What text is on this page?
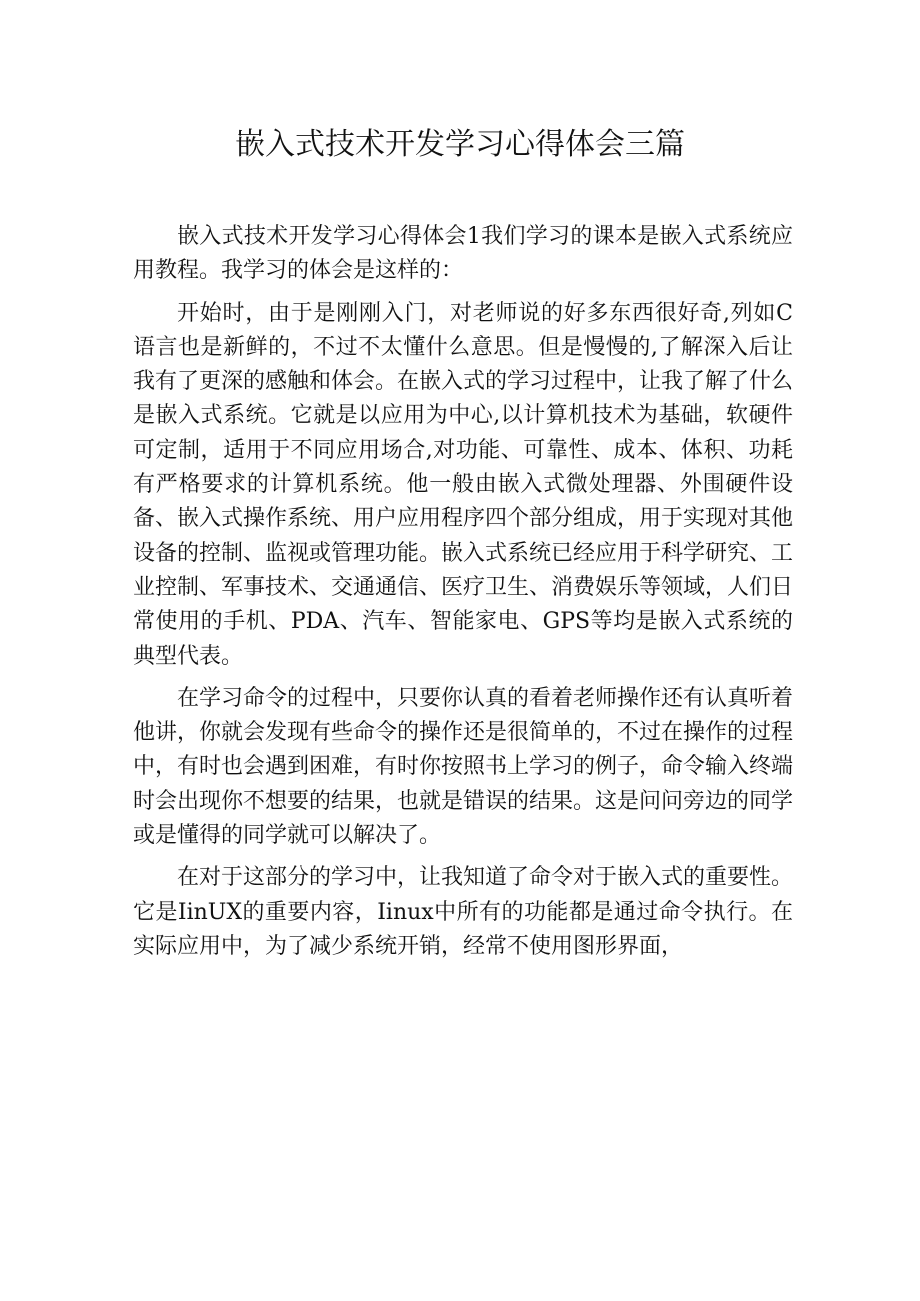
嵌入式技术开发学习心得体会三篇

嵌入式技术开发学习心得体会1我们学习的课本是嵌入式系统应用教程。我学习的体会是这样的：

开始时，由于是刚刚入门，对老师说的好多东西很好奇,列如C语言也是新鲜的，不过不太懂什么意思。但是慢慢的,了解深入后让我有了更深的感触和体会。在嵌入式的学习过程中，让我了解了什么是嵌入式系统。它就是以应用为中心,以计算机技术为基础，软硬件可定制，适用于不同应用场合,对功能、可靠性、成本、体积、功耗有严格要求的计算机系统。他一般由嵌入式微处理器、外围硬件设备、嵌入式操作系统、用户应用程序四个部分组成，用于实现对其他设备的控制、监视或管理功能。嵌入式系统已经应用于科学研究、工业控制、军事技术、交通通信、医疗卫生、消费娱乐等领域，人们日常使用的手机、PDA、汽车、智能家电、GPS等均是嵌入式系统的典型代表。

在学习命令的过程中，只要你认真的看着老师操作还有认真听着他讲，你就会发现有些命令的操作还是很简单的，不过在操作的过程中，有时也会遇到困难，有时你按照书上学习的例子，命令输入终端时会出现你不想要的结果，也就是错误的结果。这是问问旁边的同学或是懂得的同学就可以解决了。

在对于这部分的学习中，让我知道了命令对于嵌入式的重要性。它是IinUX的重要内容，Iinux中所有的功能都是通过命令执行。在实际应用中，为了减少系统开销，经常不使用图形界面，
